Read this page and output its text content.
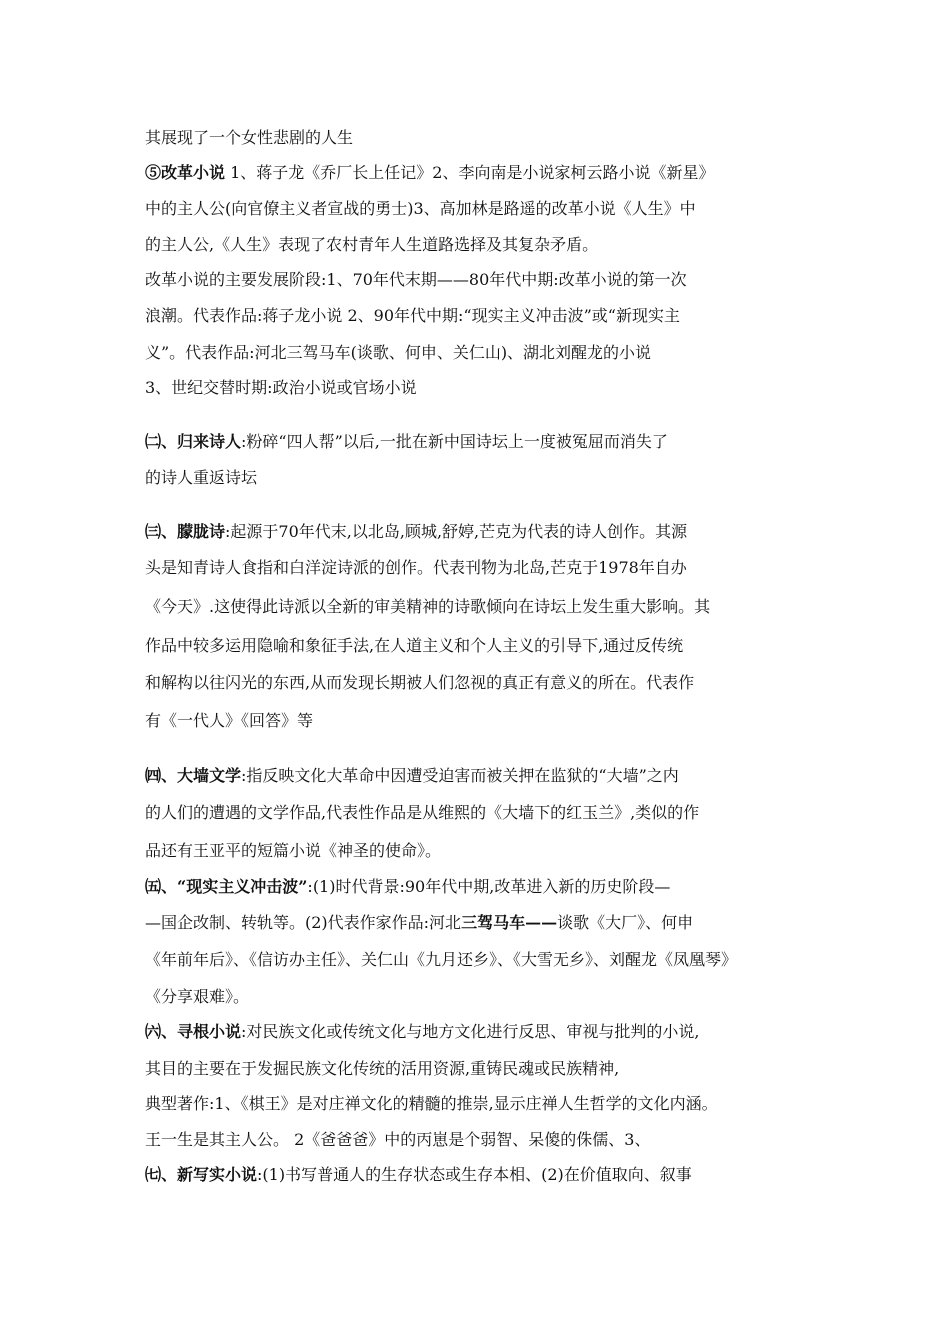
其展现了一个女性悲剧的人生
⑤改革小说 1、蒋子龙《乔厂长上任记》2、李向南是小说家柯云路小说《新星》
中的主人公(向官僚主义者宣战的勇士)3、高加林是路遥的改革小说《人生》中
的主人公,《人生》表现了农村青年人生道路选择及其复杂矛盾。
改革小说的主要发展阶段:1、70年代末期——80年代中期:改革小说的第一次
浪潮。代表作品:蒋子龙小说 2、90年代中期:“现实主义冲击波”或“新现实主
义”。代表作品:河北三驾马车(谈歌、何申、关仁山)、湖北刘醒龙的小说
3、世纪交替时期:政治小说或官场小说
㈡、归来诗人:粉碎“四人帮”以后,一批在新中国诗坛上一度被冤屈而消失了
的诗人重返诗坛
㈢、朦胧诗:起源于70年代末,以北岛,顾城,舒婷,芒克为代表的诗人创作。其源
头是知青诗人食指和白洋淀诗派的创作。代表刊物为北岛,芒克于1978年自办
《今天》.这使得此诗派以全新的审美精神的诗歌倾向在诗坛上发生重大影响。其
作品中较多运用隐喻和象征手法,在人道主义和个人主义的引导下,通过反传统
和解构以往闪光的东西,从而发现长期被人们忽视的真正有意义的所在。代表作
有《一代人》《回答》等
㈣、大墙文学:指反映文化大革命中因遭受迫害而被关押在监狱的“大墙”之内
的人们的遭遇的文学作品,代表性作品是从维熙的《大墙下的红玉兰》,类似的作
品还有王亚平的短篇小说《神圣的使命》。
㈤、“现实主义冲击波”:(1)时代背景:90年代中期,改革进入新的历史阶段—
—国企改制、转轨等。(2)代表作家作品:河北三驾马车——谈歌《大厂》、何申
《年前年后》、《信访办主任》、关仁山《九月还乡》、《大雪无乡》、刘醒龙《凤凰琴》
《分享艰难》。
㈥、寻根小说:对民族文化或传统文化与地方文化进行反思、审视与批判的小说,
其目的主要在于发掘民族文化传统的活用资源,重铸民魂或民族精神,
典型著作:1、《棋王》是对庄禅文化的精髓的推崇,显示庄禅人生哲学的文化内涵。
王一生是其主人公。 2《爸爸爸》中的丙崽是个弱智、呆傻的侏儒、3、
㈦、新写实小说:(1)书写普通人的生存状态或生存本相、(2)在价值取向、叙事
